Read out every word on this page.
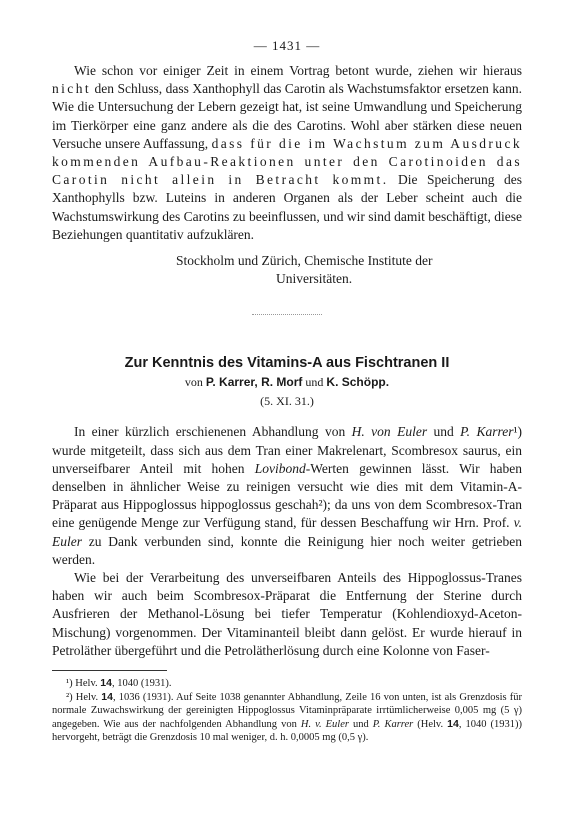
— 1431 —

Wie schon vor einiger Zeit in einem Vortrag betont wurde, ziehen wir hieraus nicht den Schluss, dass Xanthophyll das Carotin als Wachstumsfaktor ersetzen kann. Wie die Untersuchung der Lebern gezeigt hat, ist seine Umwandlung und Speicherung im Tierkörper eine ganz andere als die des Carotins. Wohl aber stärken diese neuen Versuche unsere Auffassung, dass für die im Wachstum zum Ausdruck kommenden Aufbau-Reaktionen unter den Carotinoiden das Carotin nicht allein in Betracht kommt. Die Speicherung des Xanthophylls bzw. Luteins in anderen Organen als der Leber scheint auch die Wachstumswirkung des Carotins zu beeinflussen, und wir sind damit beschäftigt, diese Beziehungen quantitativ aufzuklären.

Stockholm und Zürich, Chemische Institute der
Universitäten.

Zur Kenntnis des Vitamins-A aus Fischtranen II

von P. Karrer, R. Morf und K. Schöpp.

(5. XI. 31.)

In einer kürzlich erschienenen Abhandlung von H. von Euler und P. Karrer¹) wurde mitgeteilt, dass sich aus dem Tran einer Makrelenart, Scombresox saurus, ein unverseifbarer Anteil mit hohen Lovibond-Werten gewinnen lässt. Wir haben denselben in ähnlicher Weise zu reinigen versucht wie dies mit dem Vitamin-A-Präparat aus Hippoglossus hippoglossus geschah²); da uns von dem Scombresox-Tran eine genügende Menge zur Verfügung stand, für dessen Beschaffung wir Hrn. Prof. v. Euler zu Dank verbunden sind, konnte die Reinigung hier noch weiter getrieben werden.

Wie bei der Verarbeitung des unverseifbaren Anteils des Hippoglossus-Tranes haben wir auch beim Scombresox-Präparat die Entfernung der Sterine durch Ausfrieren der Methanol-Lösung bei tiefer Temperatur (Kohlendioxyd-Aceton-Mischung) vorgenommen. Der Vitaminanteil bleibt dann gelöst. Er wurde hierauf in Petroläther übergeführt und die Petrolätherlösung durch eine Kolonne von Faser-

¹) Helv. 14, 1040 (1931).

²) Helv. 14, 1036 (1931). Auf Seite 1038 genannter Abhandlung, Zeile 16 von unten, ist als Grenzdosis für normale Zuwachswirkung der gereinigten Hippoglossus Vitaminpräparate irrtümlicherweise 0,005 mg (5 γ) angegeben. Wie aus der nachfolgenden Abhandlung von H. v. Euler und P. Karrer (Helv. 14, 1040 (1931)) hervorgeht, beträgt die Grenzdosis 10 mal weniger, d. h. 0,0005 mg (0,5 γ).
